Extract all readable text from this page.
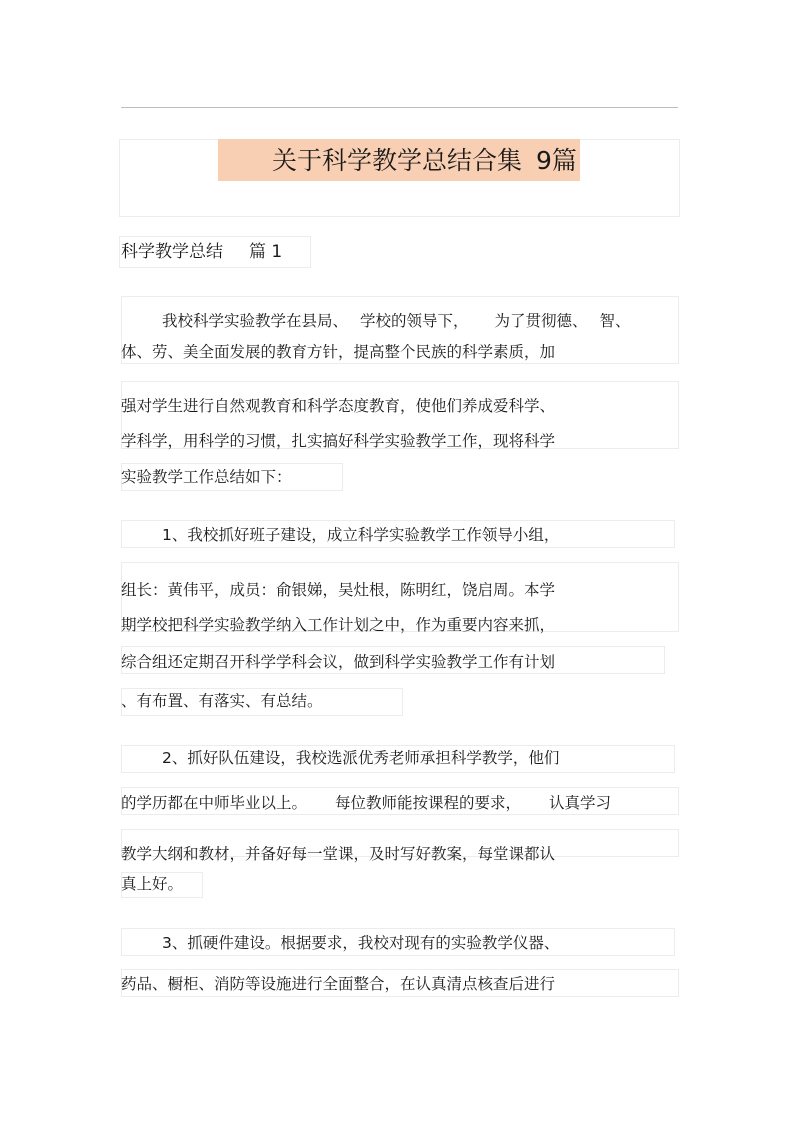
关于科学教学总结合集 9篇
科学教学总结 篇 1
我校科学实验教学在县局、 学校的领导下， 为了贯彻德、 智、
体、劳、美全面发展的教育方针，提高整个民族的科学素质，加
强对学生进行自然观教育和科学态度教育，使他们养成爱科学、
学科学，用科学的习惯，扎实搞好科学实验教学工作，现将科学
实验教学工作总结如下：
1、我校抓好班子建设，成立科学实验教学工作领导小组，
组长：黄伟平，成员：俞银娣，吴灶根，陈明红，饶启周。本学
期学校把科学实验教学纳入工作计划之中，作为重要内容来抓，
综合组还定期召开科学学科会议，做到科学实验教学工作有计划
、有布置、有落实、有总结。
2、抓好队伍建设，我校选派优秀老师承担科学教学，他们
的学历都在中师毕业以上。 每位教师能按课程的要求， 认真学习
教学大纲和教材，并备好每一堂课，及时写好教案，每堂课都认
真上好。
3、抓硬件建设。根据要求，我校对现有的实验教学仪器、
药品、橱柜、消防等设施进行全面整合，在认真清点核查后进行
